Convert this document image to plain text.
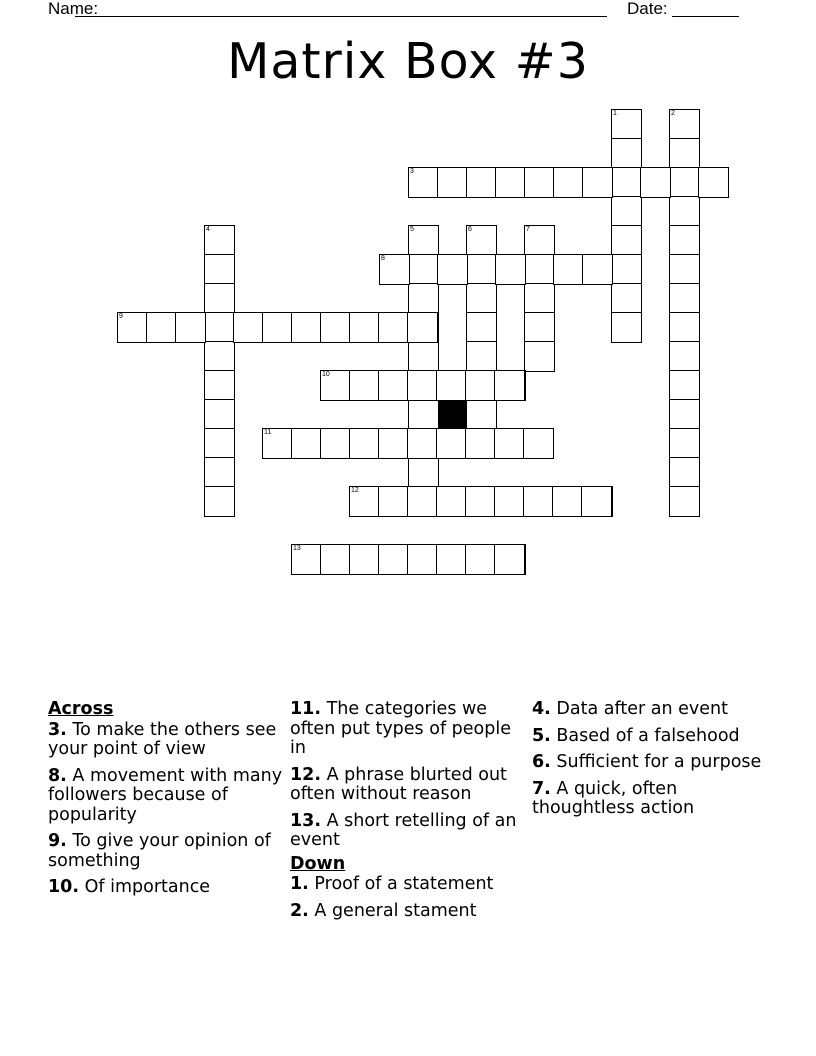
Name:	Date:
Matrix Box #3
1	2
3
4	5	6	7
8
9
10
11
12
13
Across
3. To make the others see your point of view
8. A movement with many followers because of popularity
9. To give your opinion of something
10. Of importance
11. The categories we often put types of people in
12. A phrase blurted out often without reason
13. A short retelling of an event
Down
1. Proof of a statement
2. A general stament
4. Data after an event
5. Based of a falsehood
6. Sufficient for a purpose
7. A quick, often thoughtless action
